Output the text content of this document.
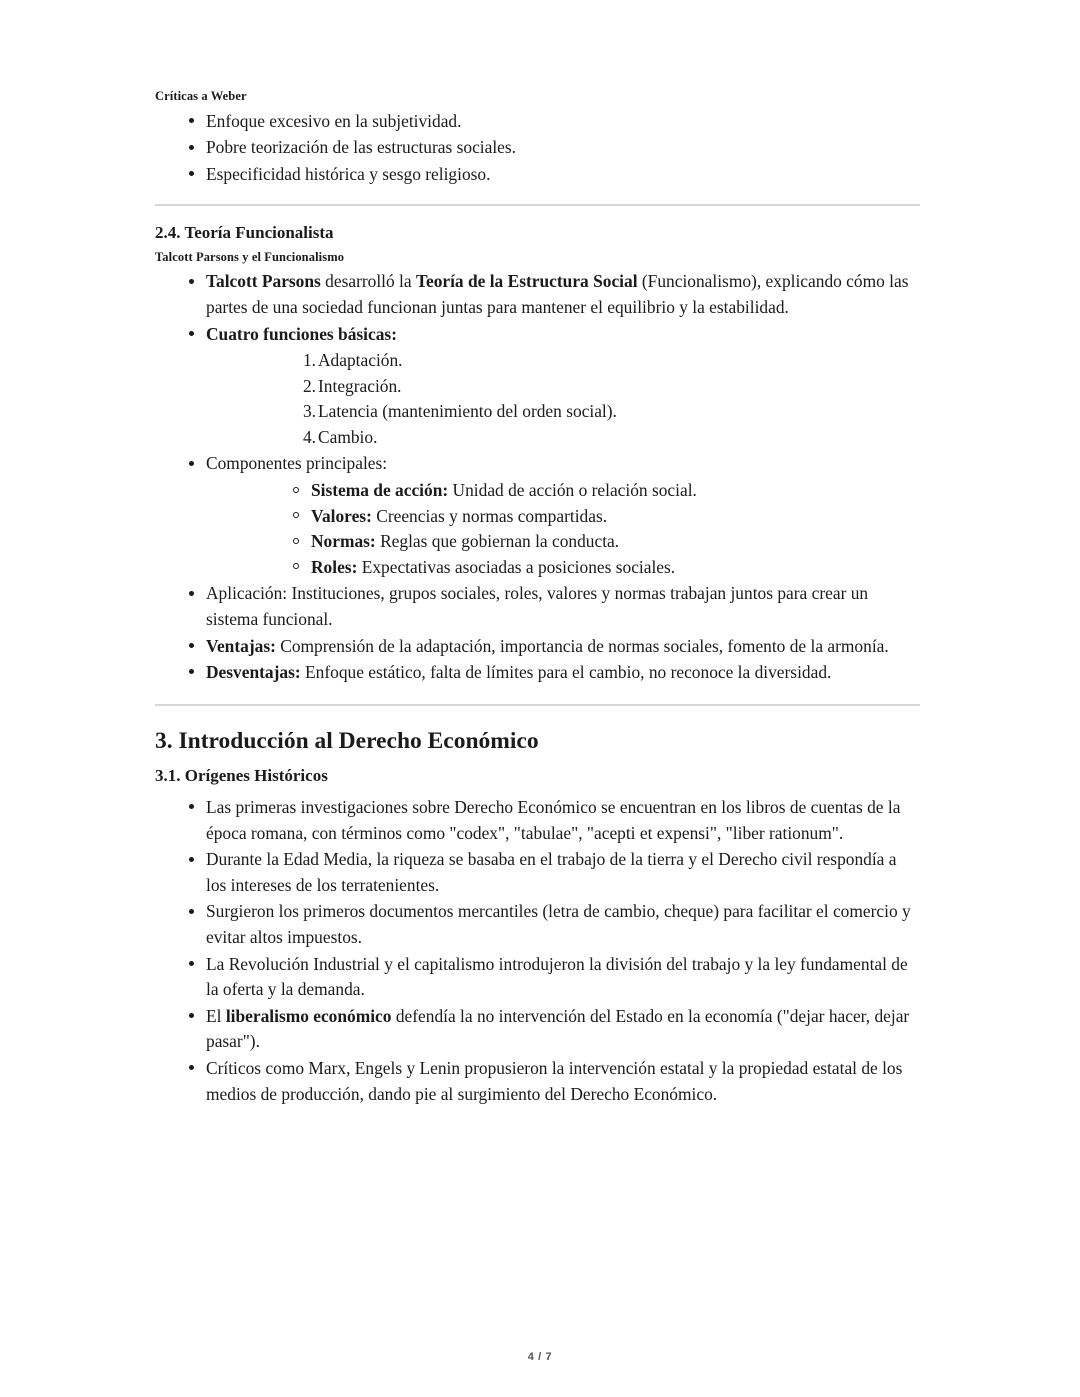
Críticas a Weber
Enfoque excesivo en la subjetividad.
Pobre teorización de las estructuras sociales.
Especificidad histórica y sesgo religioso.
2.4. Teoría Funcionalista
Talcott Parsons y el Funcionalismo
Talcott Parsons desarrolló la Teoría de la Estructura Social (Funcionalismo), explicando cómo las partes de una sociedad funcionan juntas para mantener el equilibrio y la estabilidad.
Cuatro funciones básicas:
1. Adaptación.
2. Integración.
3. Latencia (mantenimiento del orden social).
4. Cambio.
Componentes principales:
Sistema de acción: Unidad de acción o relación social.
Valores: Creencias y normas compartidas.
Normas: Reglas que gobiernan la conducta.
Roles: Expectativas asociadas a posiciones sociales.
Aplicación: Instituciones, grupos sociales, roles, valores y normas trabajan juntos para crear un sistema funcional.
Ventajas: Comprensión de la adaptación, importancia de normas sociales, fomento de la armonía.
Desventajas: Enfoque estático, falta de límites para el cambio, no reconoce la diversidad.
3. Introducción al Derecho Económico
3.1. Orígenes Históricos
Las primeras investigaciones sobre Derecho Económico se encuentran en los libros de cuentas de la época romana, con términos como "codex", "tabulae", "acepti et expensi", "liber rationum".
Durante la Edad Media, la riqueza se basaba en el trabajo de la tierra y el Derecho civil respondía a los intereses de los terratenientes.
Surgieron los primeros documentos mercantiles (letra de cambio, cheque) para facilitar el comercio y evitar altos impuestos.
La Revolución Industrial y el capitalismo introdujeron la división del trabajo y la ley fundamental de la oferta y la demanda.
El liberalismo económico defendía la no intervención del Estado en la economía ("dejar hacer, dejar pasar").
Críticos como Marx, Engels y Lenin propusieron la intervención estatal y la propiedad estatal de los medios de producción, dando pie al surgimiento del Derecho Económico.
4 / 7
